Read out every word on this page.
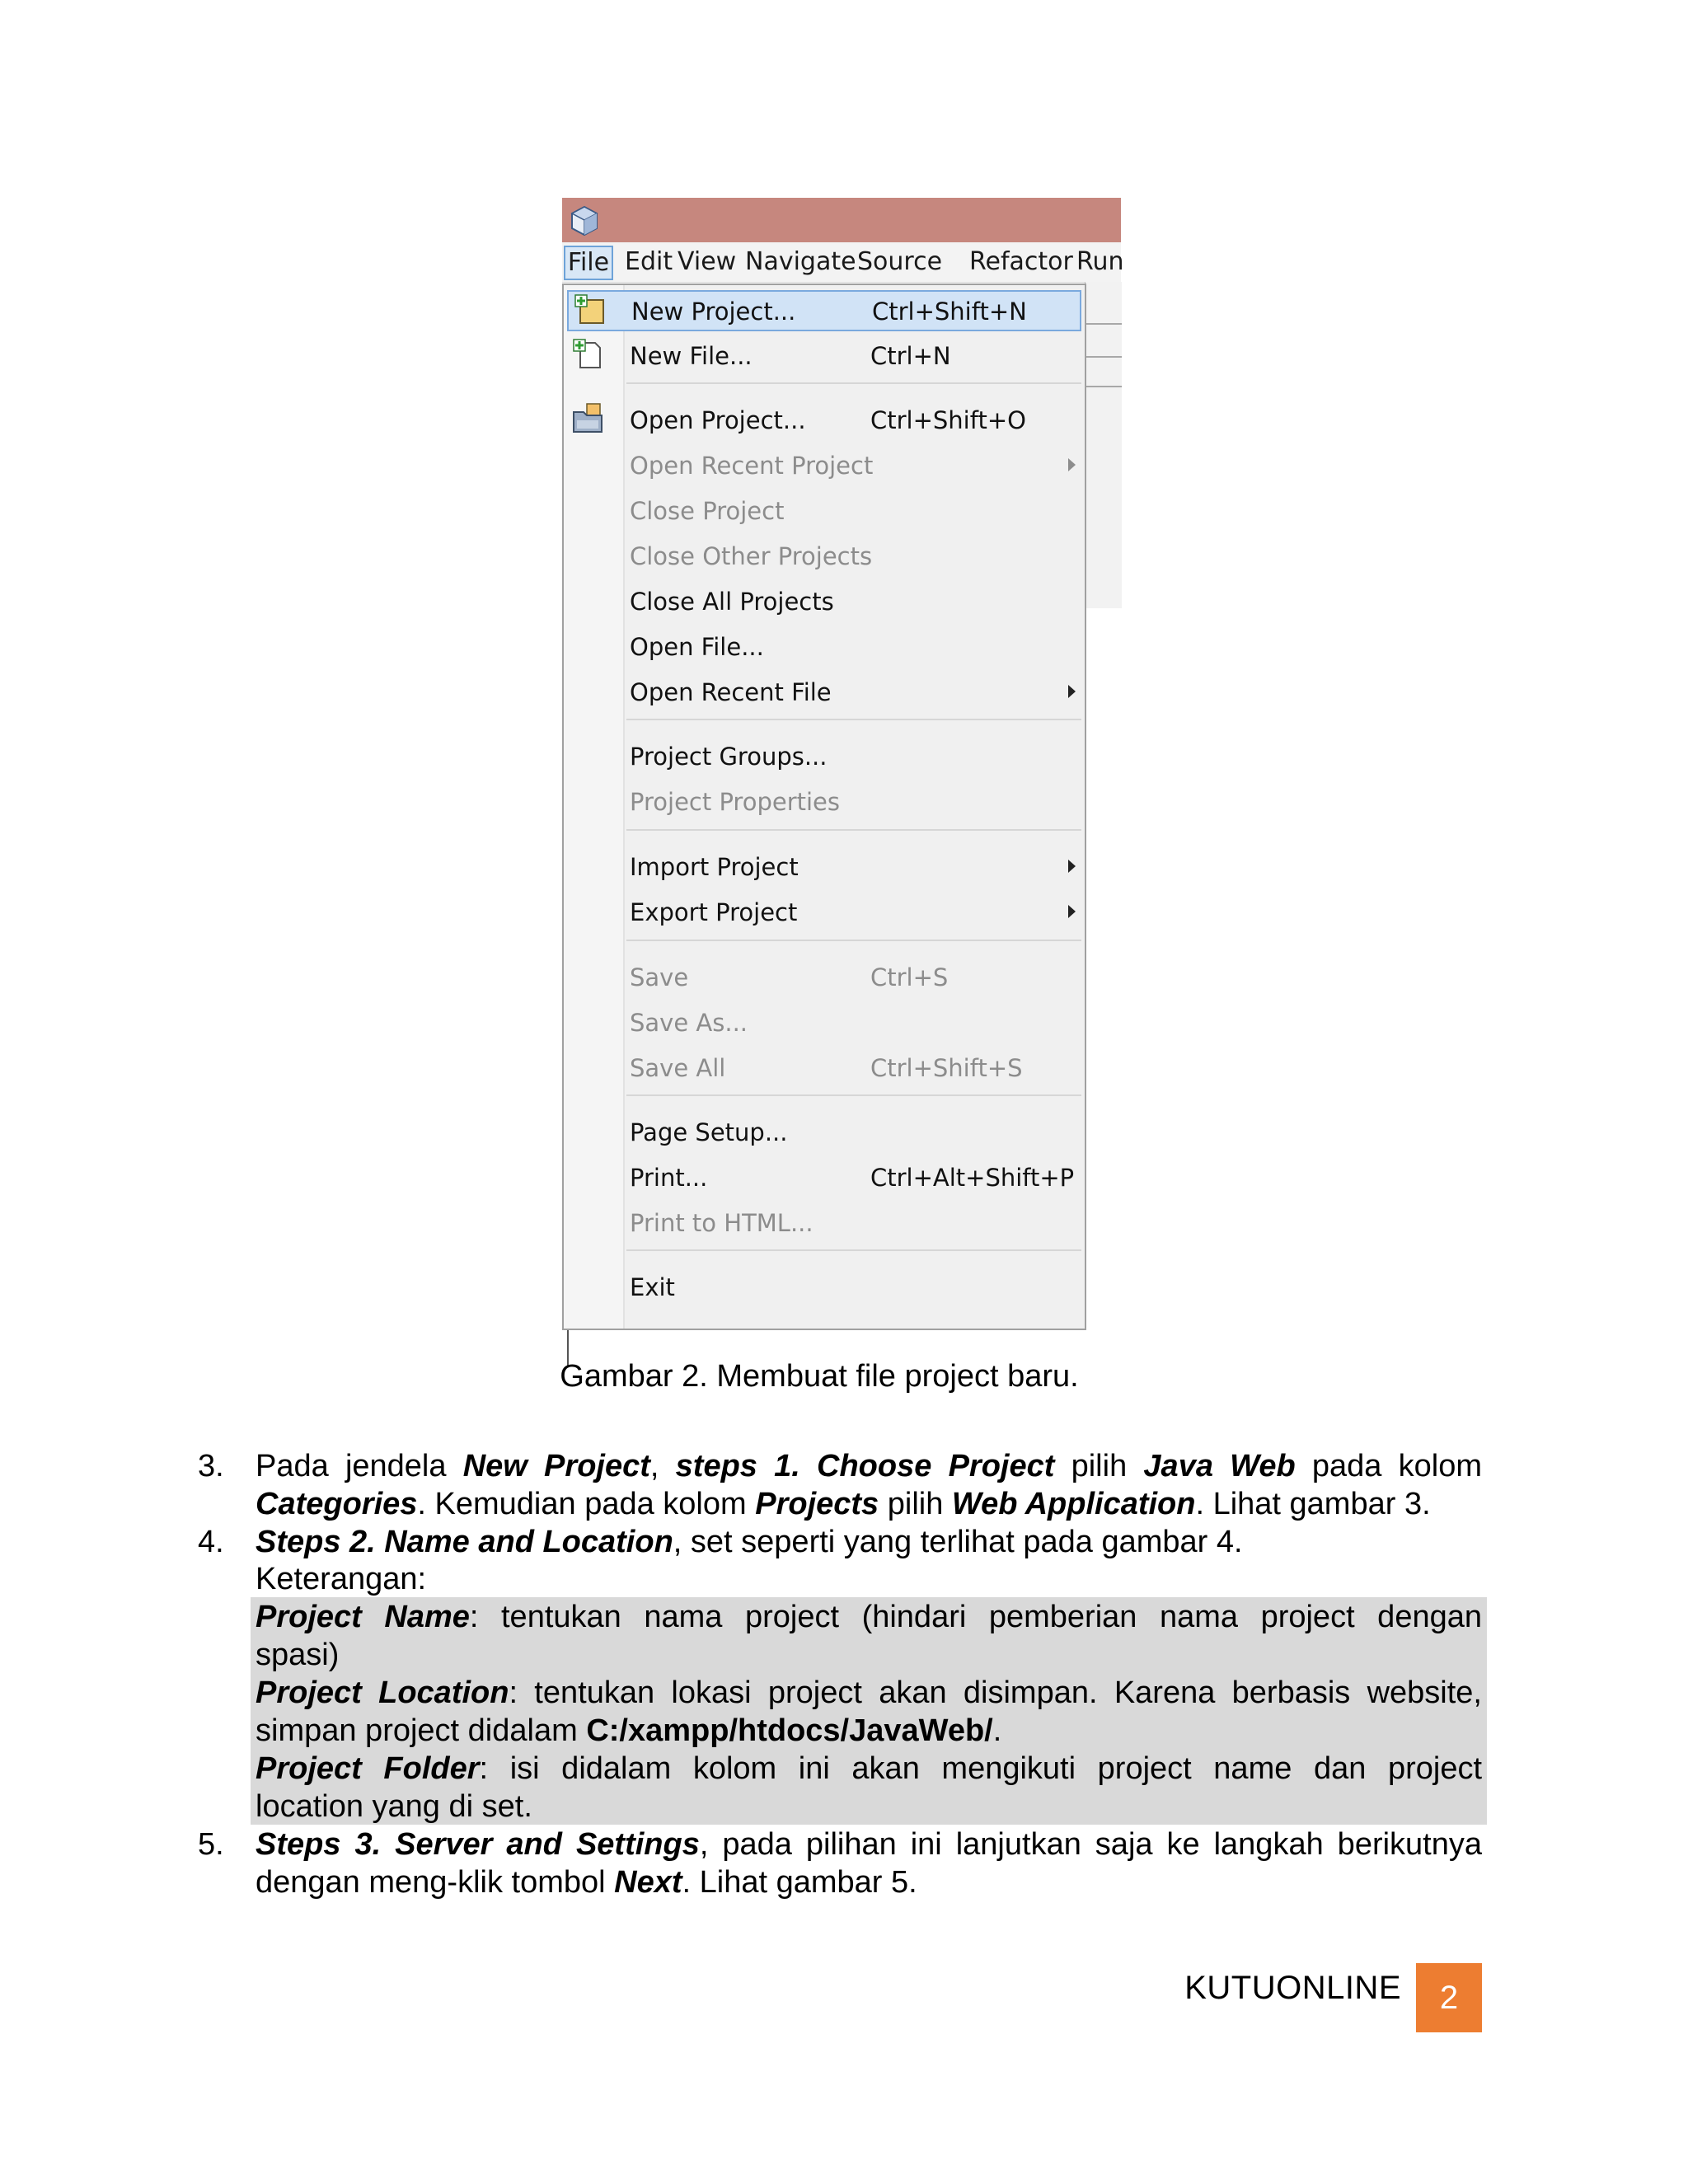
File Edit View Navigate Source Refactor Run
New Project...	Ctrl+Shift+N
New File...	Ctrl+N
Open Project...	Ctrl+Shift+O
Open Recent Project
Close Project
Close Other Projects
Close All Projects
Open File...
Open Recent File
Project Groups...
Project Properties
Import Project
Export Project
Save	Ctrl+S
Save As...
Save All	Ctrl+Shift+S
Page Setup...
Print...	Ctrl+Alt+Shift+P
Print to HTML...
Exit
Gambar 2. Membuat file project baru.
3. Pada jendela New Project, steps 1. Choose Project pilih Java Web pada kolom
Categories. Kemudian pada kolom Projects pilih Web Application. Lihat gambar 3.
4. Steps 2. Name and Location, set seperti yang terlihat pada gambar 4.
Keterangan:
Project Name: tentukan nama project (hindari pemberian nama project dengan
spasi)
Project Location: tentukan lokasi project akan disimpan. Karena berbasis website,
simpan project didalam C:/xampp/htdocs/JavaWeb/.
Project Folder: isi didalam kolom ini akan mengikuti project name dan project
location yang di set.
5. Steps 3. Server and Settings, pada pilihan ini lanjutkan saja ke langkah berikutnya
dengan meng-klik tombol Next. Lihat gambar 5.
KUTUONLINE	2
